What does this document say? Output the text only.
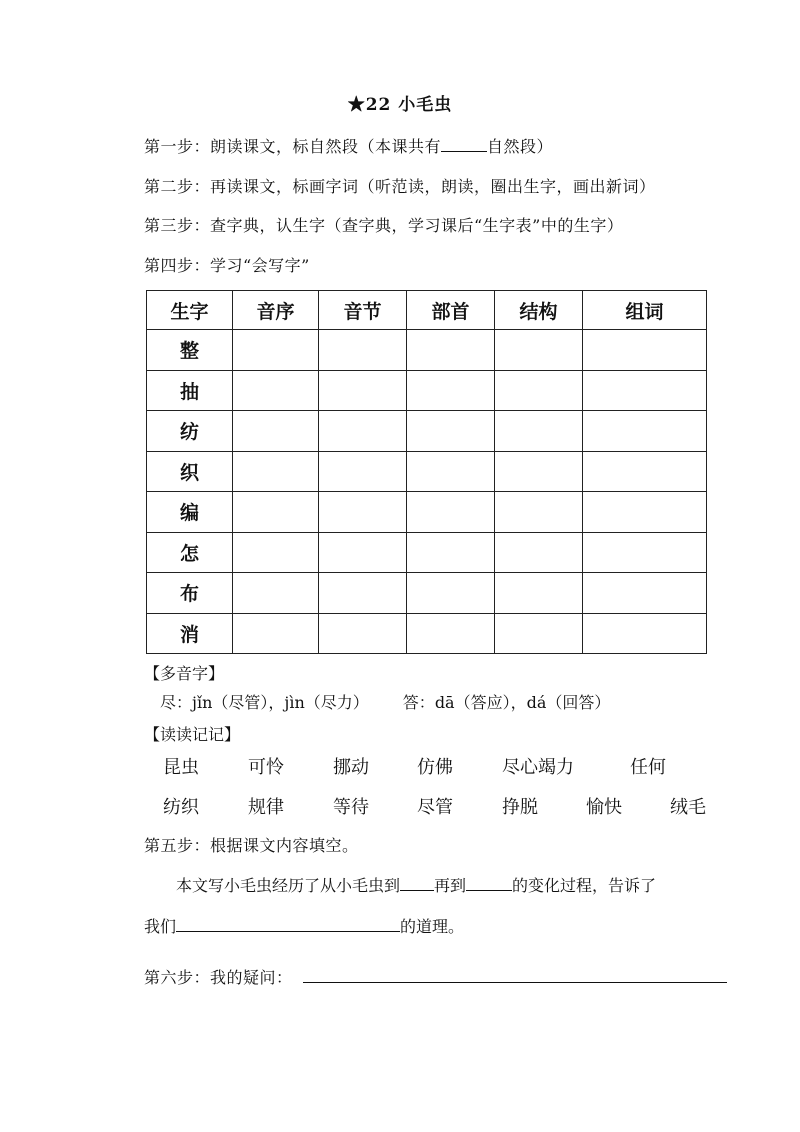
★22 小毛虫
第一步：朗读课文，标自然段（本课共有	自然段）
第二步：再读课文，标画字词（听范读，朗读，圈出生字，画出新词）
第三步：查字典，认生字（查字典，学习课后“生字表”中的生字）
第四步：学习“会写字”
生字	音序	音节	部首	结构	组词
整					
抽					
纺					
织					
编					
怎					
布					
消					
【多音字】
尽：jǐn（尽管），jìn（尽力） 答：dā（答应），dá（回答）
【读读记记】
昆虫	可怜	挪动	仿佛	尽心竭力	任何
纺织	规律	等待	尽管	挣脱	愉快	绒毛
第五步：根据课文内容填空。
本文写小毛虫经历了从小毛虫到 再到	的变化过程，告诉了
我们	的道理。
第六步：我的疑问：
